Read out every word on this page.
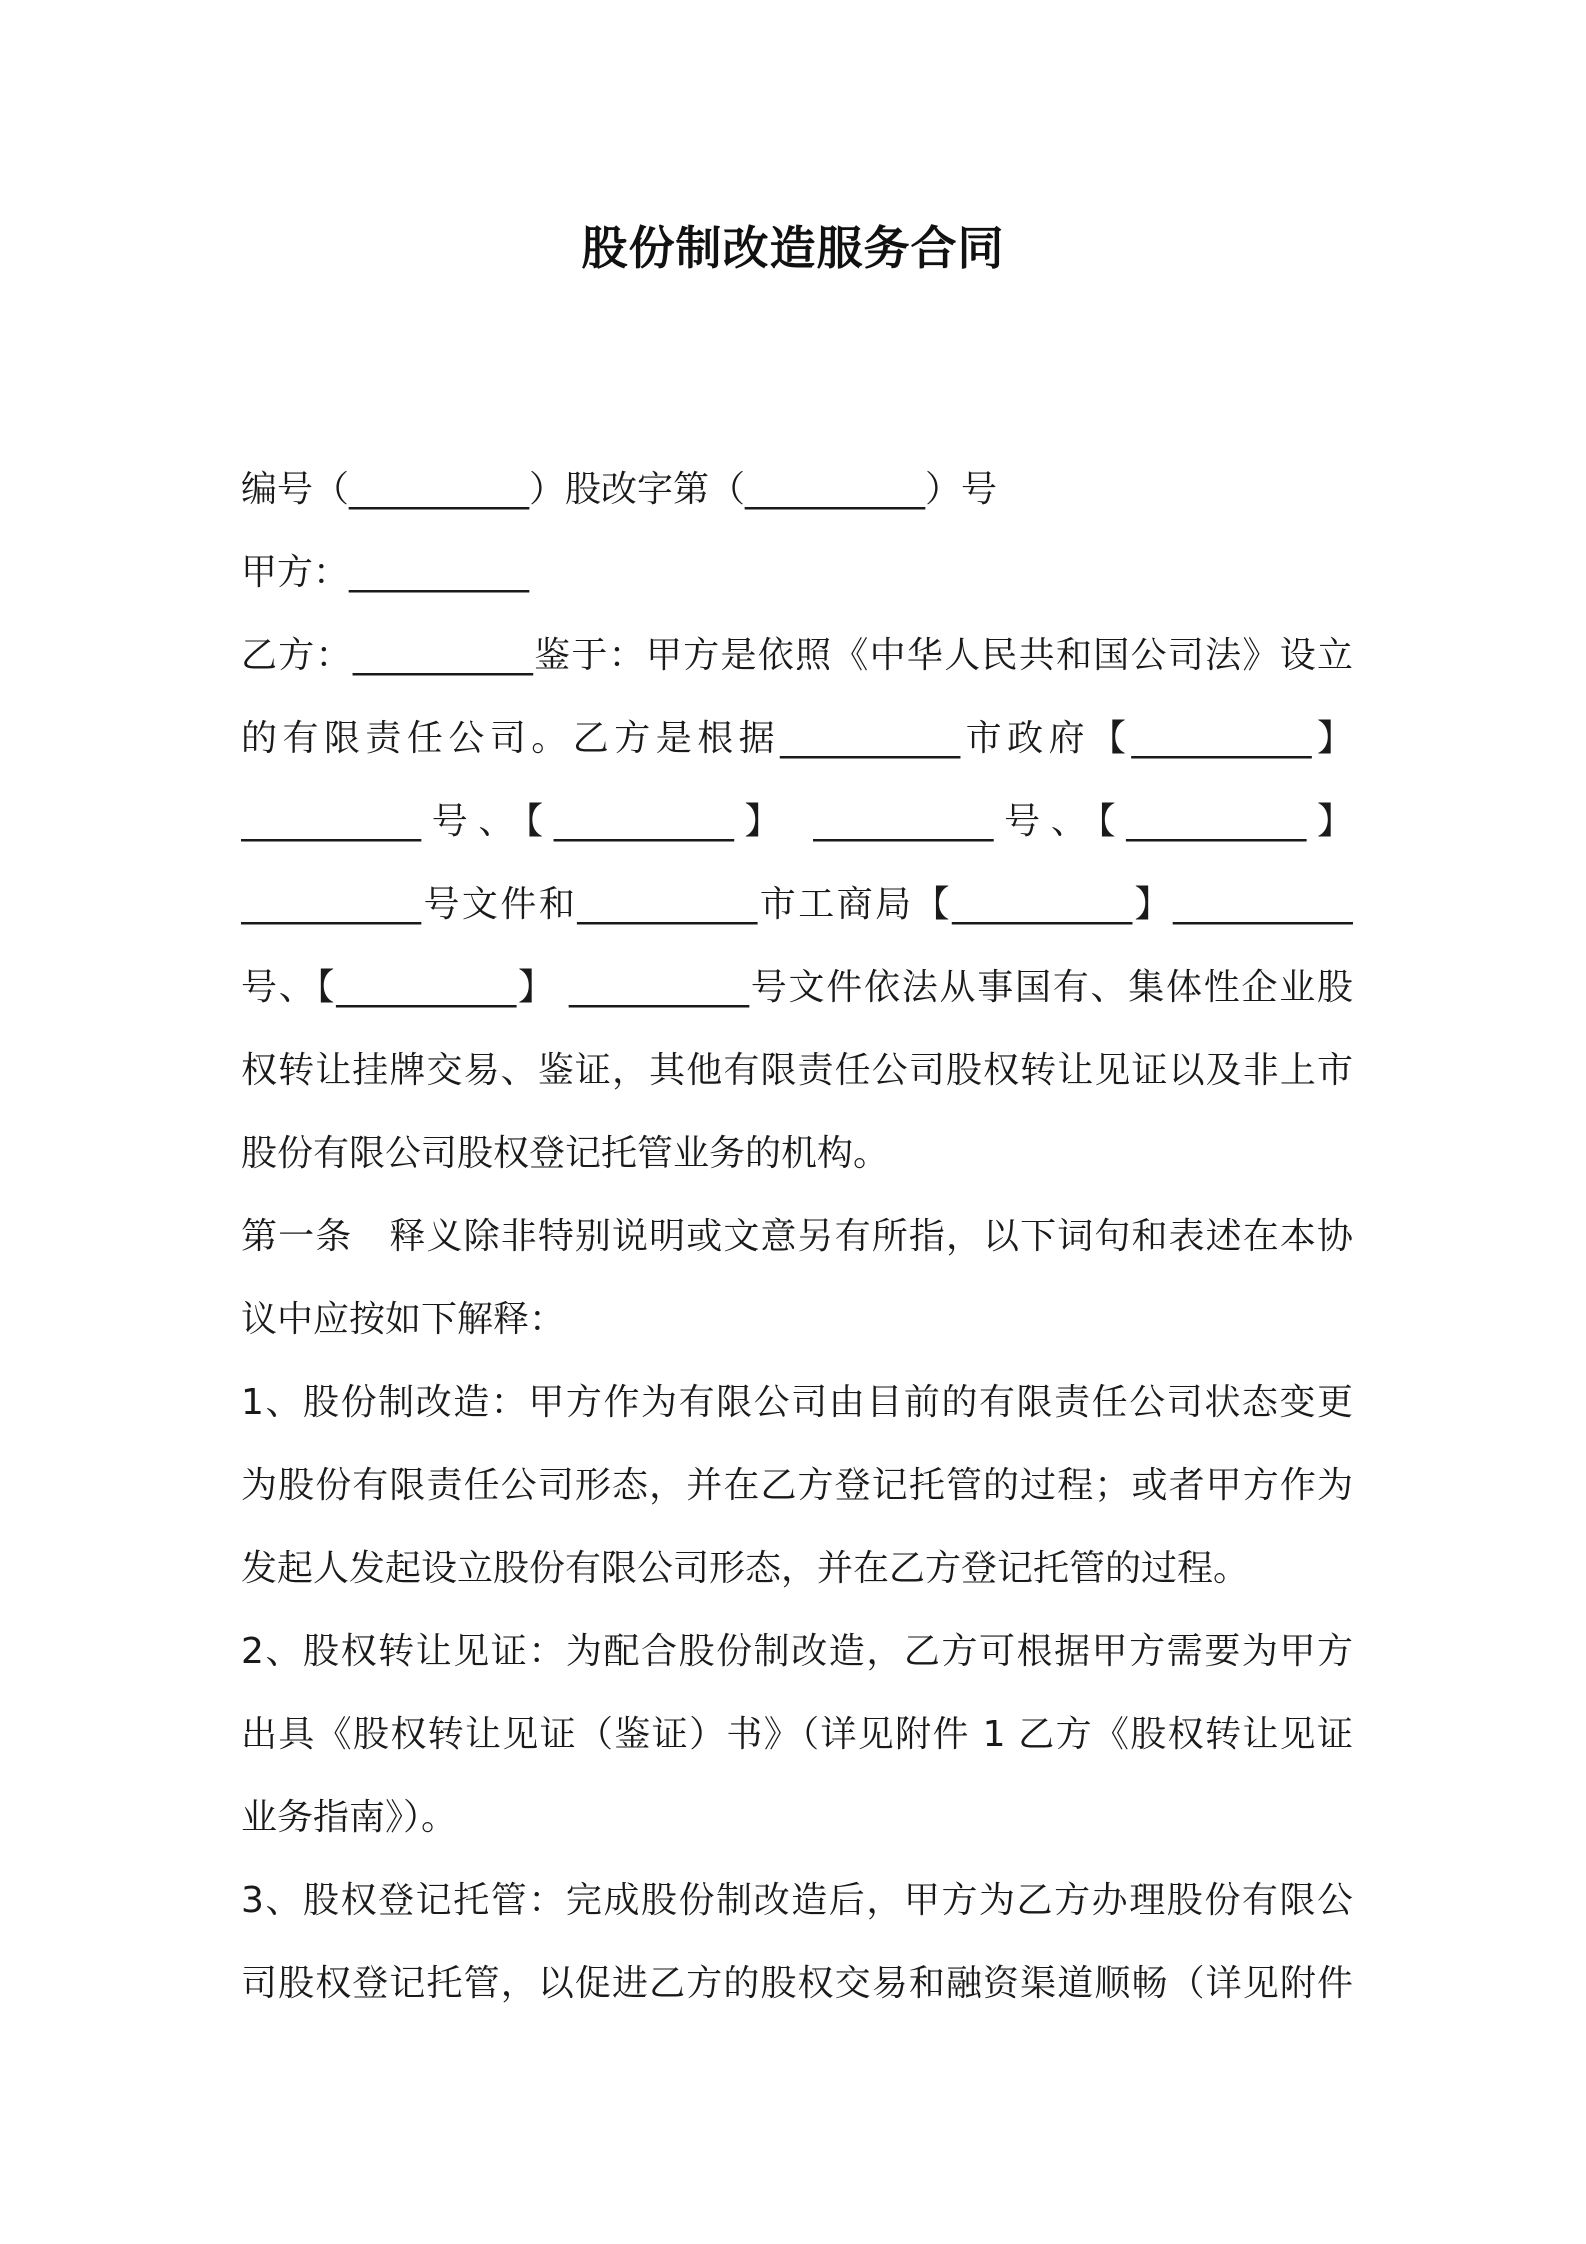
股份制改造服务合同
编号（__________）股改字第（__________）号
甲方：__________
乙方：__________鉴于：甲方是依照《中华人民共和国公司法》设立
的有限责任公司。乙方是根据__________市政府【__________】
__________号、【__________】 __________号、【__________】
__________号文件和__________市工商局【__________】__________
号、【__________】 __________号文件依法从事国有、集体性企业股
权转让挂牌交易、鉴证，其他有限责任公司股权转让见证以及非上市
股份有限公司股权登记托管业务的机构。
第一条　释义除非特别说明或文意另有所指，以下词句和表述在本协
议中应按如下解释：
1、股份制改造：甲方作为有限公司由目前的有限责任公司状态变更
为股份有限责任公司形态，并在乙方登记托管的过程；或者甲方作为
发起人发起设立股份有限公司形态，并在乙方登记托管的过程。
2、股权转让见证：为配合股份制改造，乙方可根据甲方需要为甲方
出具《股权转让见证（鉴证）书》（详见附件 1 乙方《股权转让见证
业务指南》）。
3、股权登记托管：完成股份制改造后，甲方为乙方办理股份有限公
司股权登记托管，以促进乙方的股权交易和融资渠道顺畅（详见附件
